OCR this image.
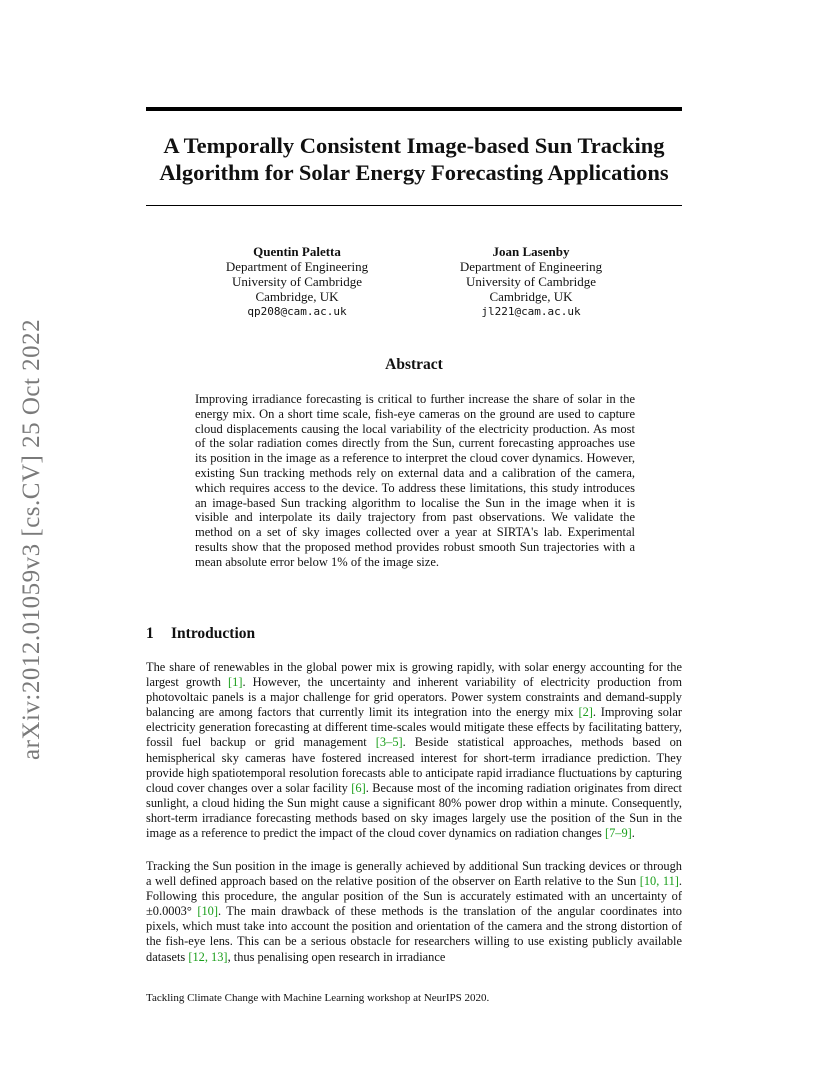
A Temporally Consistent Image-based Sun Tracking Algorithm for Solar Energy Forecasting Applications
arXiv:2012.01059v3 [cs.CV] 25 Oct 2022
Quentin Paletta
Department of Engineering
University of Cambridge
Cambridge, UK
qp208@cam.ac.uk
Joan Lasenby
Department of Engineering
University of Cambridge
Cambridge, UK
jl221@cam.ac.uk
Abstract

Improving irradiance forecasting is critical to further increase the share of solar in the energy mix. On a short time scale, fish-eye cameras on the ground are used to capture cloud displacements causing the local variability of the electricity production. As most of the solar radiation comes directly from the Sun, current forecasting approaches use its position in the image as a reference to interpret the cloud cover dynamics. However, existing Sun tracking methods rely on external data and a calibration of the camera, which requires access to the device. To address these limitations, this study introduces an image-based Sun tracking algorithm to localise the Sun in the image when it is visible and interpolate its daily trajectory from past observations. We validate the method on a set of sky images collected over a year at SIRTA's lab. Experimental results show that the proposed method provides robust smooth Sun trajectories with a mean absolute error below 1% of the image size.

1 Introduction

The share of renewables in the global power mix is growing rapidly, with solar energy accounting for the largest growth [1]. However, the uncertainty and inherent variability of electricity production from photovoltaic panels is a major challenge for grid operators. Power system constraints and demand-supply balancing are among factors that currently limit its integration into the energy mix [2]. Improving solar electricity generation forecasting at different time-scales would mitigate these effects by facilitating battery, fossil fuel backup or grid management [3–5]. Beside statistical approaches, methods based on hemispherical sky cameras have fostered increased interest for short-term irradiance prediction. They provide high spatiotemporal resolution forecasts able to anticipate rapid irradiance fluctuations by capturing cloud cover changes over a solar facility [6]. Because most of the incoming radiation originates from direct sunlight, a cloud hiding the Sun might cause a significant 80% power drop within a minute. Consequently, short-term irradiance forecasting methods based on sky images largely use the position of the Sun in the image as a reference to predict the impact of the cloud cover dynamics on radiation changes [7–9].

Tracking the Sun position in the image is generally achieved by additional Sun tracking devices or through a well defined approach based on the relative position of the observer on Earth relative to the Sun [10, 11]. Following this procedure, the angular position of the Sun is accurately estimated with an uncertainty of ±0.0003° [10]. The main drawback of these methods is the translation of the angular coordinates into pixels, which must take into account the position and orientation of the camera and the strong distortion of the fish-eye lens. This can be a serious obstacle for researchers willing to use existing publicly available datasets [12, 13], thus penalising open research in irradiance

Tackling Climate Change with Machine Learning workshop at NeurIPS 2020.
